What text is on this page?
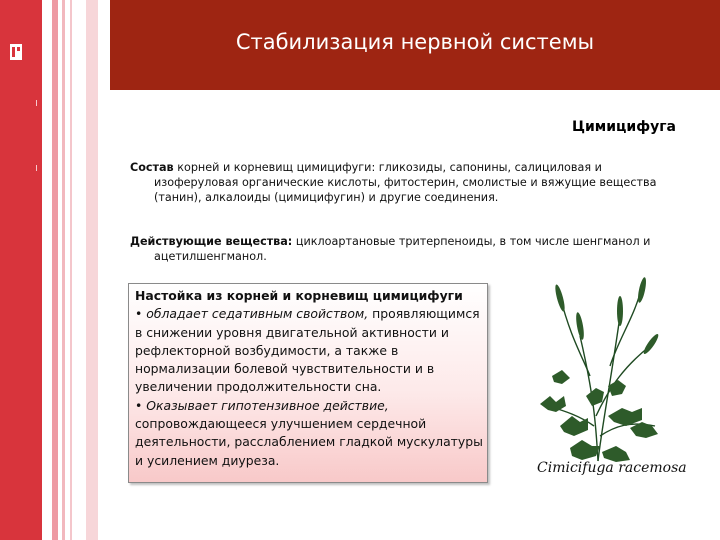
Стабилизация нервной системы
Цимицифуга
Состав корней и корневищ цимицифуги: гликозиды, сапонины, салициловая и
изоферуловая органические кислоты, фитостерин, смолистые и вяжущие вещества
(танин), алкалоиды (цимицифугин) и другие соединения.
Действующие вещества: циклоартановые тритерпеноиды, в том числе шенгманол и
ацетилшенгманол.
Настойка из корней и корневищ цимицифуги
• обладает седативным свойством, проявляющимся в снижении уровня двигательной активности и рефлекторной возбудимости, а также в нормализации болевой чувствительности и в увеличении продолжительности сна.
• Оказывает гипотензивное действие, сопровождающееся улучшением сердечной деятельности, расслаблением гладкой мускулатуры и усилением диуреза.	Cimicifuga racemosa
